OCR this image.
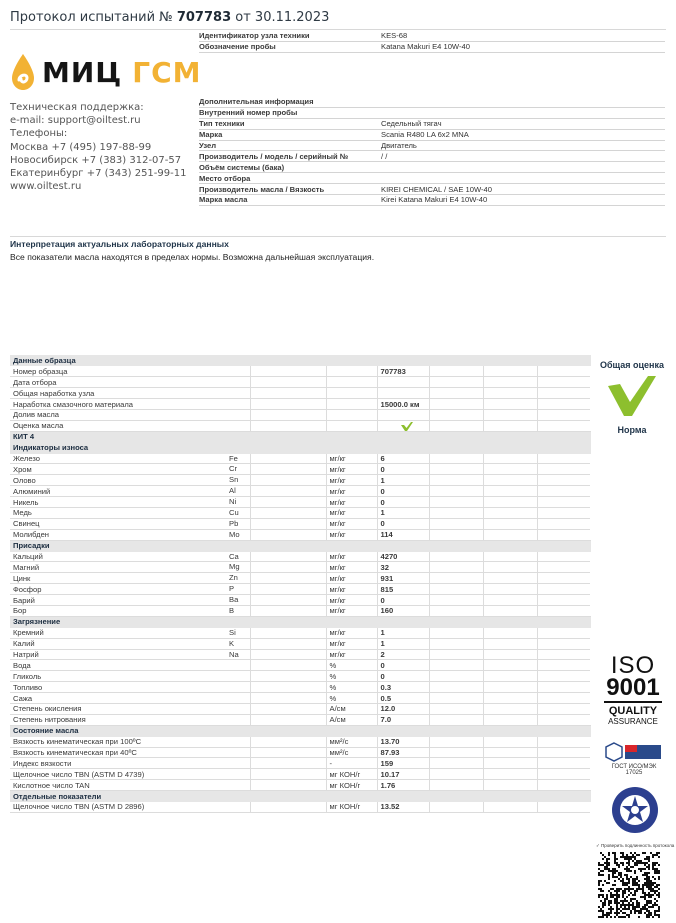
Протокол испытаний № 707783 от 30.11.2023
МИЦ ГСМ
Техническая поддержка:
e-mail: support@oiltest.ru
Телефоны:
Москва +7 (495) 197-88-99
Новосибирск +7 (383) 312-07-57
Екатеринбург +7 (343) 251-99-11
www.oiltest.ru
Идентификатор узла техники	KES-68
Обозначение пробы	Katana Makuri E4 10W-40
Дополнительная информация
Внутренний номер пробы
Тип техники	Седельный тягач
Марка	Scania R480 LA 6x2 MNA
Узел	Двигатель
Производитель / модель / серийный №	/ /
Объём системы (бака)
Место отбора
Производитель масла / Вязкость	KIREI CHEMICAL / SAE 10W-40
Марка масла	Kirei Katana Makuri E4 10W-40
Интерпретация актуальных лабораторных данных
Все показатели масла находятся в пределах нормы. Возможна дальнейшая эксплуатация.
Данные образца						
Номер образца			707783			
Дата отбора						
Общая наработка узла						
Наработка смазочного материала			15000.0 км			
Долив масла						
Оценка масла						
КИТ 4						
Индикаторы износа						
Железо Fe		мг/кг	6			
Хром Cr		мг/кг	0			
Олово Sn		мг/кг	1			
Алюминий Al		мг/кг	0			
Никель Ni		мг/кг	0			
Медь Cu		мг/кг	1			
Свинец Pb		мг/кг	0			
Молибден Mo		мг/кг	114			
Присадки						
Кальций Ca		мг/кг	4270			
Магний Mg		мг/кг	32			
Цинк Zn		мг/кг	931			
Фосфор P		мг/кг	815			
Барий Ba		мг/кг	0			
Бор B		мг/кг	160			
Загрязнение						
Кремний Si		мг/кг	1			
Калий K		мг/кг	1			
Натрий Na		мг/кг	2			
Вода		%	0			
Гликоль		%	0			
Топливо		%	0.3			
Сажа		%	0.5			
Степень окисления		А/см	12.0			
Степень нитрования		А/см	7.0			
Состояние масла						
Вязкость кинематическая при 100ºС		мм²/с	13.70			
Вязкость кинематическая при 40ºС		мм²/с	87.93			
Индекс вязкости		-	159			
Щелочное число TBN (ASTM D 4739)		мг КОН/г	10.17			
Кислотное число TAN		мг КОН/г	1.76			
Отдельные показатели						
Щелочное число TBN (ASTM D 2896)		мг КОН/г	13.52			
Общая оценка
Норма
ISO
9001
QUALITY
ASSURANCE
ГОСТ ИСО/МЭК 17025
✓ Проверить подлинность протокола
